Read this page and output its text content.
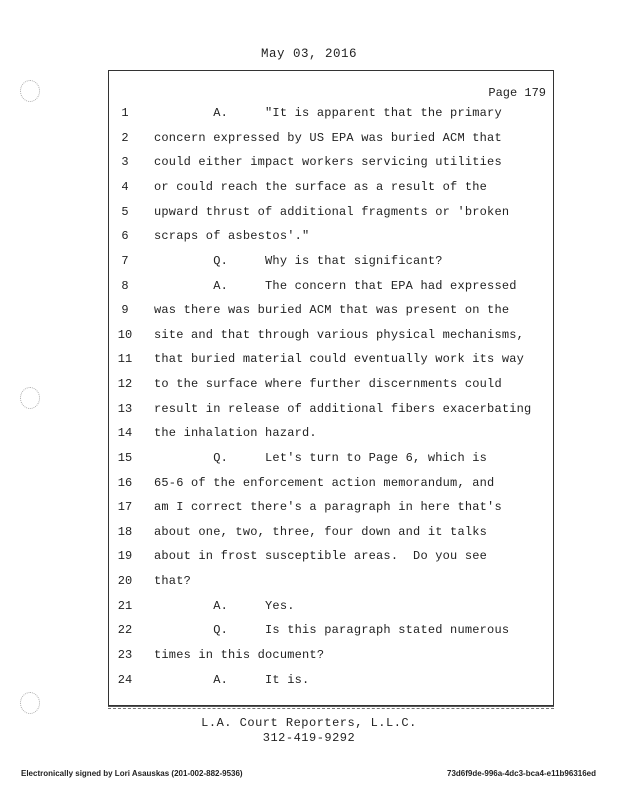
May 03, 2016
Page 179
1	A.     "It is apparent that the primary
2	concern expressed by US EPA was buried ACM that
3	could either impact workers servicing utilities
4	or could reach the surface as a result of the
5	upward thrust of additional fragments or 'broken
6	scraps of asbestos'."
7	Q.     Why is that significant?
8	A.     The concern that EPA had expressed
9	was there was buried ACM that was present on the
10	site and that through various physical mechanisms,
11	that buried material could eventually work its way
12	to the surface where further discernments could
13	result in release of additional fibers exacerbating
14	the inhalation hazard.
15	Q.     Let's turn to Page 6, which is
16	65-6 of the enforcement action memorandum, and
17	am I correct there's a paragraph in here that's
18	about one, two, three, four down and it talks
19	about in frost susceptible areas.  Do you see
20	that?
21	A.     Yes.
22	Q.     Is this paragraph stated numerous
23	times in this document?
24	A.     It is.
L.A. Court Reporters, L.L.C.
312-419-9292
Electronically signed by Lori Asauskas (201-002-882-9536)	73d6f9de-996a-4dc3-bca4-e11b96316ed
